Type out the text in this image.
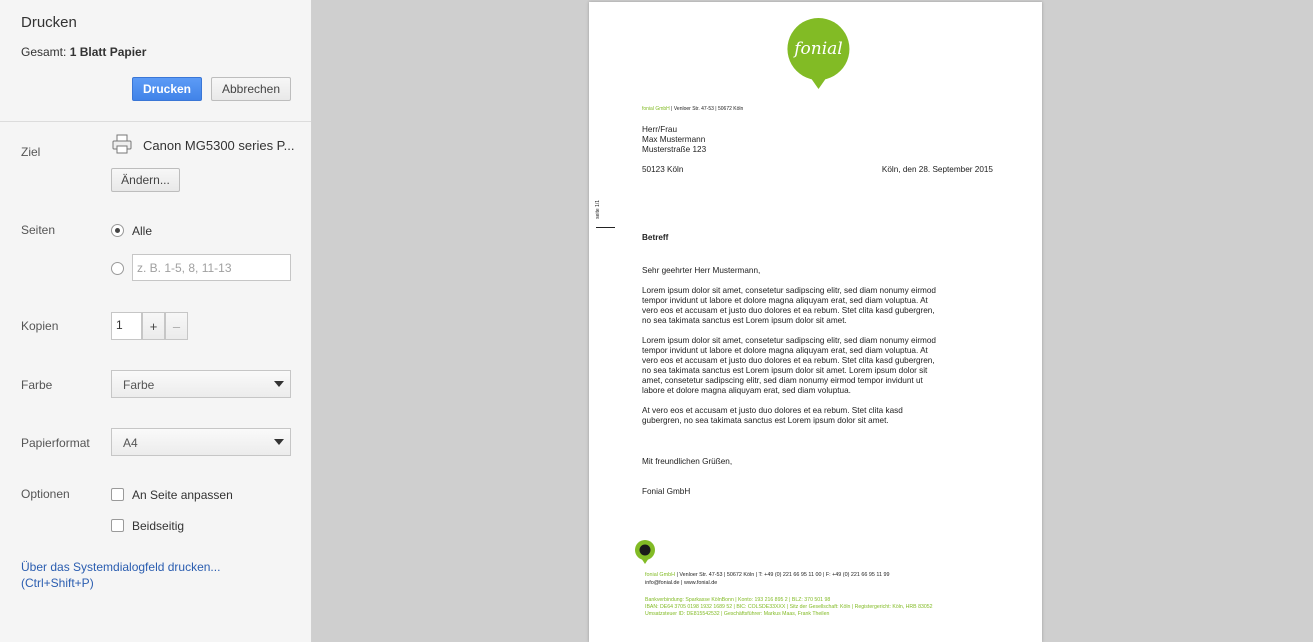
Drucken
Gesamt: 1 Blatt Papier
Drucken	Abbrechen
Ziel	Canon MG5300 series P...
Ändern...
Seiten	Alle
z. B. 1-5, 8, 11-13
Kopien	1	+	–
Farbe	Farbe
Papierformat	A4
Optionen	An Seite anpassen
Beidseitig
Über das Systemdialogfeld drucken...
(Ctrl+Shift+P)
fonial
fonial GmbH | Venloer Str. 47-53 | 50672 Köln
Herr/Frau
Max Mustermann
Musterstraße 123
50123 Köln	Köln, den 28. September 2015
seite 1/1
Betreff
Sehr geehrter Herr Mustermann,
Lorem ipsum dolor sit amet, consetetur sadipscing elitr, sed diam nonumy eirmod
tempor invidunt ut labore et dolore magna aliquyam erat, sed diam voluptua. At
vero eos et accusam et justo duo dolores et ea rebum. Stet clita kasd gubergren,
no sea takimata sanctus est Lorem ipsum dolor sit amet.
Lorem ipsum dolor sit amet, consetetur sadipscing elitr, sed diam nonumy eirmod
tempor invidunt ut labore et dolore magna aliquyam erat, sed diam voluptua. At
vero eos et accusam et justo duo dolores et ea rebum. Stet clita kasd gubergren,
no sea takimata sanctus est Lorem ipsum dolor sit amet. Lorem ipsum dolor sit
amet, consetetur sadipscing elitr, sed diam nonumy eirmod tempor invidunt ut
labore et dolore magna aliquyam erat, sed diam voluptua.
At vero eos et accusam et justo duo dolores et ea rebum. Stet clita kasd
gubergren, no sea takimata sanctus est Lorem ipsum dolor sit amet.
Mit freundlichen Grüßen,
Fonial GmbH
fonial GmbH | Venloer Str. 47-53 | 50672 Köln | T: +49 (0) 221 66 95 11 00 | F: +49 (0) 221 66 95 11 99
info@fonial.de | www.fonial.de
Bankverbindung: Sparkasse KölnBonn | Konto: 193 216 895 2 | BLZ: 370 501 98
IBAN: DE64 3705 0198 1932 1689 52 | BIC: COLSDE33XXX | Sitz der Gesellschaft: Köln | Registergericht: Köln, HRB 83052
Umsatzsteuer ID: DE815542532 | Geschäftsführer: Markus Maas, Frank Theilen
